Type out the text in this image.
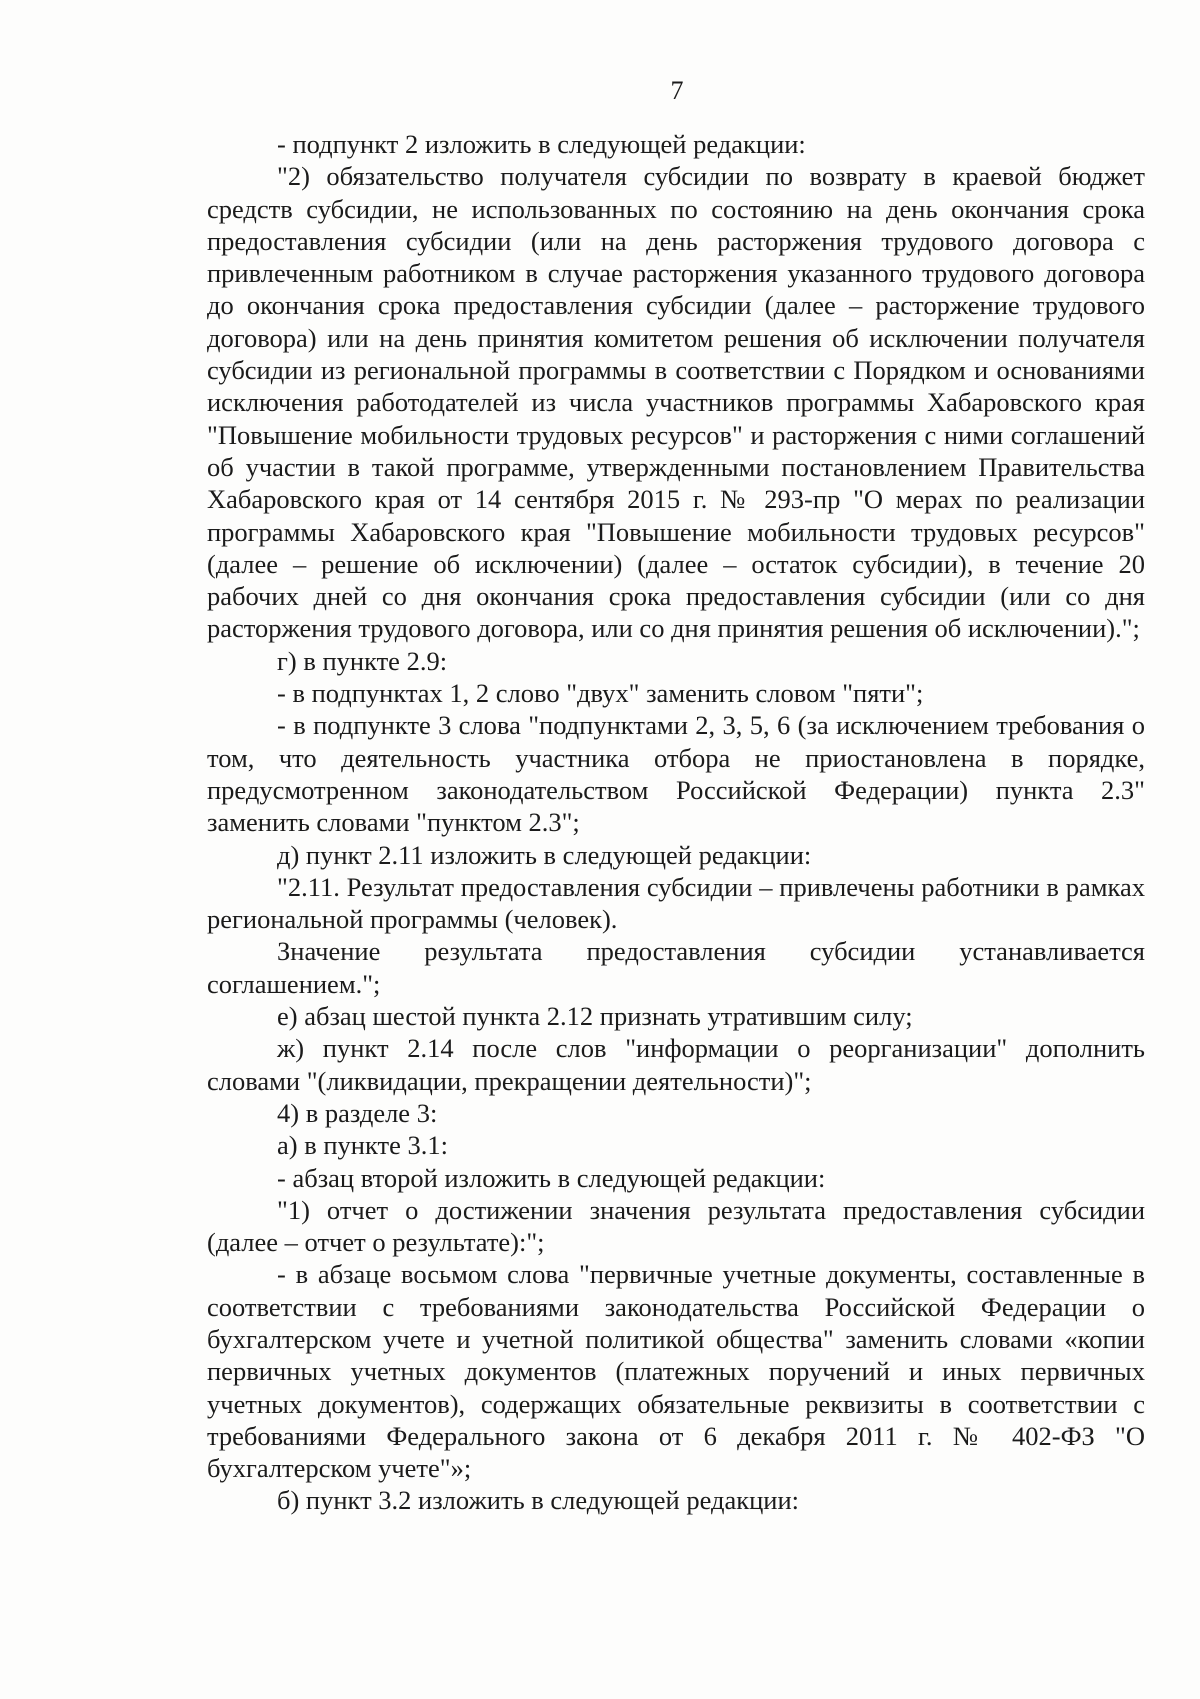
7

- подпункт 2 изложить в следующей редакции:

"2) обязательство получателя субсидии по возврату в краевой бюджет средств субсидии, не использованных по состоянию на день окончания срока предоставления субсидии (или на день расторжения трудового договора с привлеченным работником в случае расторжения указанного трудового договора до окончания срока предоставления субсидии (далее – расторжение трудового договора) или на день принятия комитетом решения об исключении получателя субсидии из региональной программы в соответствии с Порядком и основаниями исключения работодателей из числа участников программы Хабаровского края "Повышение мобильности трудовых ресурсов" и расторжения с ними соглашений об участии в такой программе, утвержденными постановлением Правительства Хабаровского края от 14 сентября 2015 г. № 293-пр "О мерах по реализации программы Хабаровского края "Повышение мобильности трудовых ресурсов" (далее – решение об исключении) (далее – остаток субсидии), в течение 20 рабочих дней со дня окончания срока предоставления субсидии (или со дня расторжения трудового договора, или со дня принятия решения об исключении).";

г) в пункте 2.9:

- в подпунктах 1, 2 слово "двух" заменить словом "пяти";

- в подпункте 3 слова "подпунктами 2, 3, 5, 6 (за исключением требования о том, что деятельность участника отбора не приостановлена в порядке, предусмотренном законодательством Российской Федерации) пункта 2.3" заменить словами "пунктом 2.3";

д) пункт 2.11 изложить в следующей редакции:

"2.11. Результат предоставления субсидии – привлечены работники в рамках региональной программы (человек).

Значение результата предоставления субсидии устанавливается соглашением.";

е) абзац шестой пункта 2.12 признать утратившим силу;

ж) пункт 2.14 после слов "информации о реорганизации" дополнить словами "(ликвидации, прекращении деятельности)";

4) в разделе 3:

а) в пункте 3.1:

- абзац второй изложить в следующей редакции:

"1) отчет о достижении значения результата предоставления субсидии (далее – отчет о результате):";

- в абзаце восьмом слова "первичные учетные документы, составленные в соответствии с требованиями законодательства Российской Федерации о бухгалтерском учете и учетной политикой общества" заменить словами «копии первичных учетных документов (платежных поручений и иных первичных учетных документов), содержащих обязательные реквизиты в соответствии с требованиями Федерального закона от 6 декабря 2011 г. № 402-ФЗ "О бухгалтерском учете"»;

б) пункт 3.2 изложить в следующей редакции:
